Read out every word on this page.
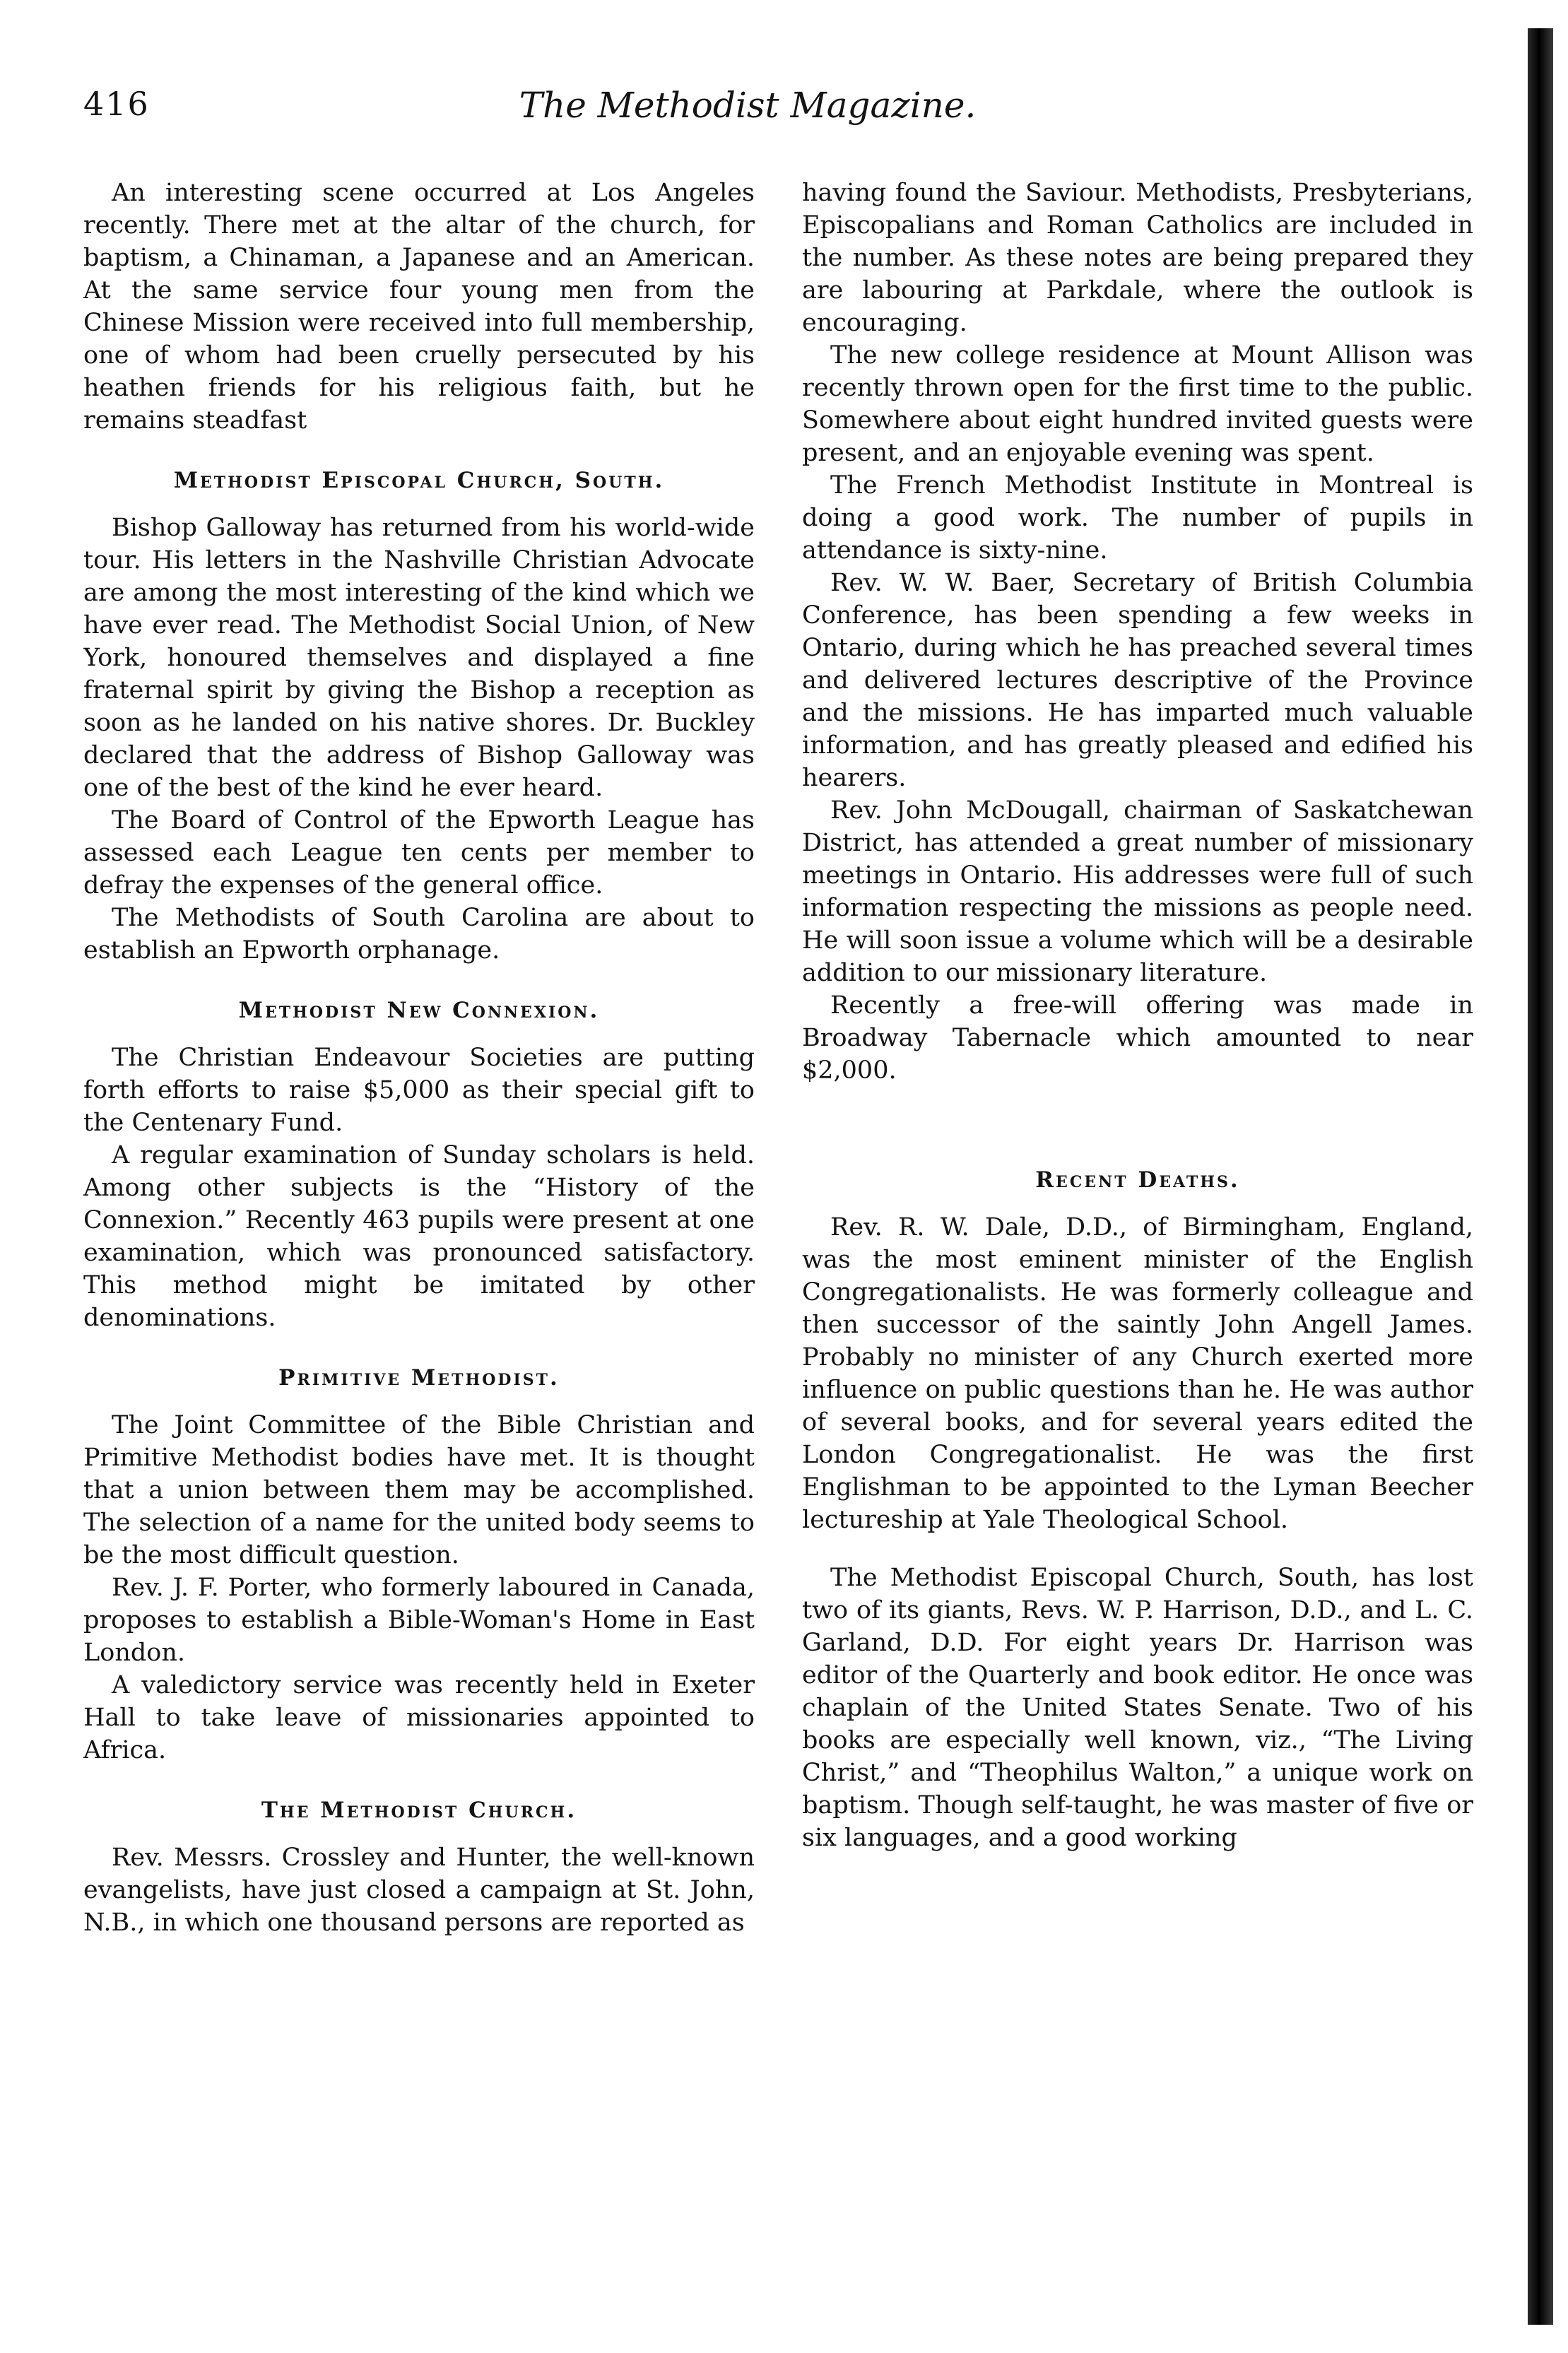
416	The Methodist Magazine.

An interesting scene occurred at Los Angeles recently. There met at the altar of the church, for baptism, a Chinaman, a Japanese and an American. At the same service four young men from the Chinese Mission were received into full membership, one of whom had been cruelly persecuted by his heathen friends for his religious faith, but he remains steadfast

Methodist Episcopal Church, South.

Bishop Galloway has returned from his world-wide tour. His letters in the Nashville Christian Advocate are among the most interesting of the kind which we have ever read. The Methodist Social Union, of New York, honoured themselves and displayed a fine fraternal spirit by giving the Bishop a reception as soon as he landed on his native shores. Dr. Buckley declared that the address of Bishop Galloway was one of the best of the kind he ever heard.

The Board of Control of the Epworth League has assessed each League ten cents per member to defray the expenses of the general office.

The Methodists of South Carolina are about to establish an Epworth orphanage.

Methodist New Connexion.

The Christian Endeavour Societies are putting forth efforts to raise $5,000 as their special gift to the Centenary Fund.

A regular examination of Sunday scholars is held. Among other subjects is the “History of the Connexion.” Recently 463 pupils were present at one examination, which was pronounced satisfactory. This method might be imitated by other denominations.

Primitive Methodist.

The Joint Committee of the Bible Christian and Primitive Methodist bodies have met. It is thought that a union between them may be accomplished. The selection of a name for the united body seems to be the most difficult question.

Rev. J. F. Porter, who formerly laboured in Canada, proposes to establish a Bible-Woman's Home in East London.

A valedictory service was recently held in Exeter Hall to take leave of missionaries appointed to Africa.

The Methodist Church.

Rev. Messrs. Crossley and Hunter, the well-known evangelists, have just closed a campaign at St. John, N.B., in which one thousand persons are reported as

having found the Saviour. Methodists, Presbyterians, Episcopalians and Roman Catholics are included in the number. As these notes are being prepared they are labouring at Parkdale, where the outlook is encouraging.

The new college residence at Mount Allison was recently thrown open for the first time to the public. Somewhere about eight hundred invited guests were present, and an enjoyable evening was spent.

The French Methodist Institute in Montreal is doing a good work. The number of pupils in attendance is sixty-nine.

Rev. W. W. Baer, Secretary of British Columbia Conference, has been spending a few weeks in Ontario, during which he has preached several times and delivered lectures descriptive of the Province and the missions. He has imparted much valuable information, and has greatly pleased and edified his hearers.

Rev. John McDougall, chairman of Saskatchewan District, has attended a great number of missionary meetings in Ontario. His addresses were full of such information respecting the missions as people need. He will soon issue a volume which will be a desirable addition to our missionary literature.

Recently a free-will offering was made in Broadway Tabernacle which amounted to near $2,000.

Recent Deaths.

Rev. R. W. Dale, D.D., of Birmingham, England, was the most eminent minister of the English Congregationalists. He was formerly colleague and then successor of the saintly John Angell James. Probably no minister of any Church exerted more influence on public questions than he. He was author of several books, and for several years edited the London Congregationalist. He was the first Englishman to be appointed to the Lyman Beecher lectureship at Yale Theological School.

The Methodist Episcopal Church, South, has lost two of its giants, Revs. W. P. Harrison, D.D., and L. C. Garland, D.D. For eight years Dr. Harrison was editor of the Quarterly and book editor. He once was chaplain of the United States Senate. Two of his books are especially well known, viz., “The Living Christ,” and “Theophilus Walton,” a unique work on baptism. Though self-taught, he was master of five or six languages, and a good working
